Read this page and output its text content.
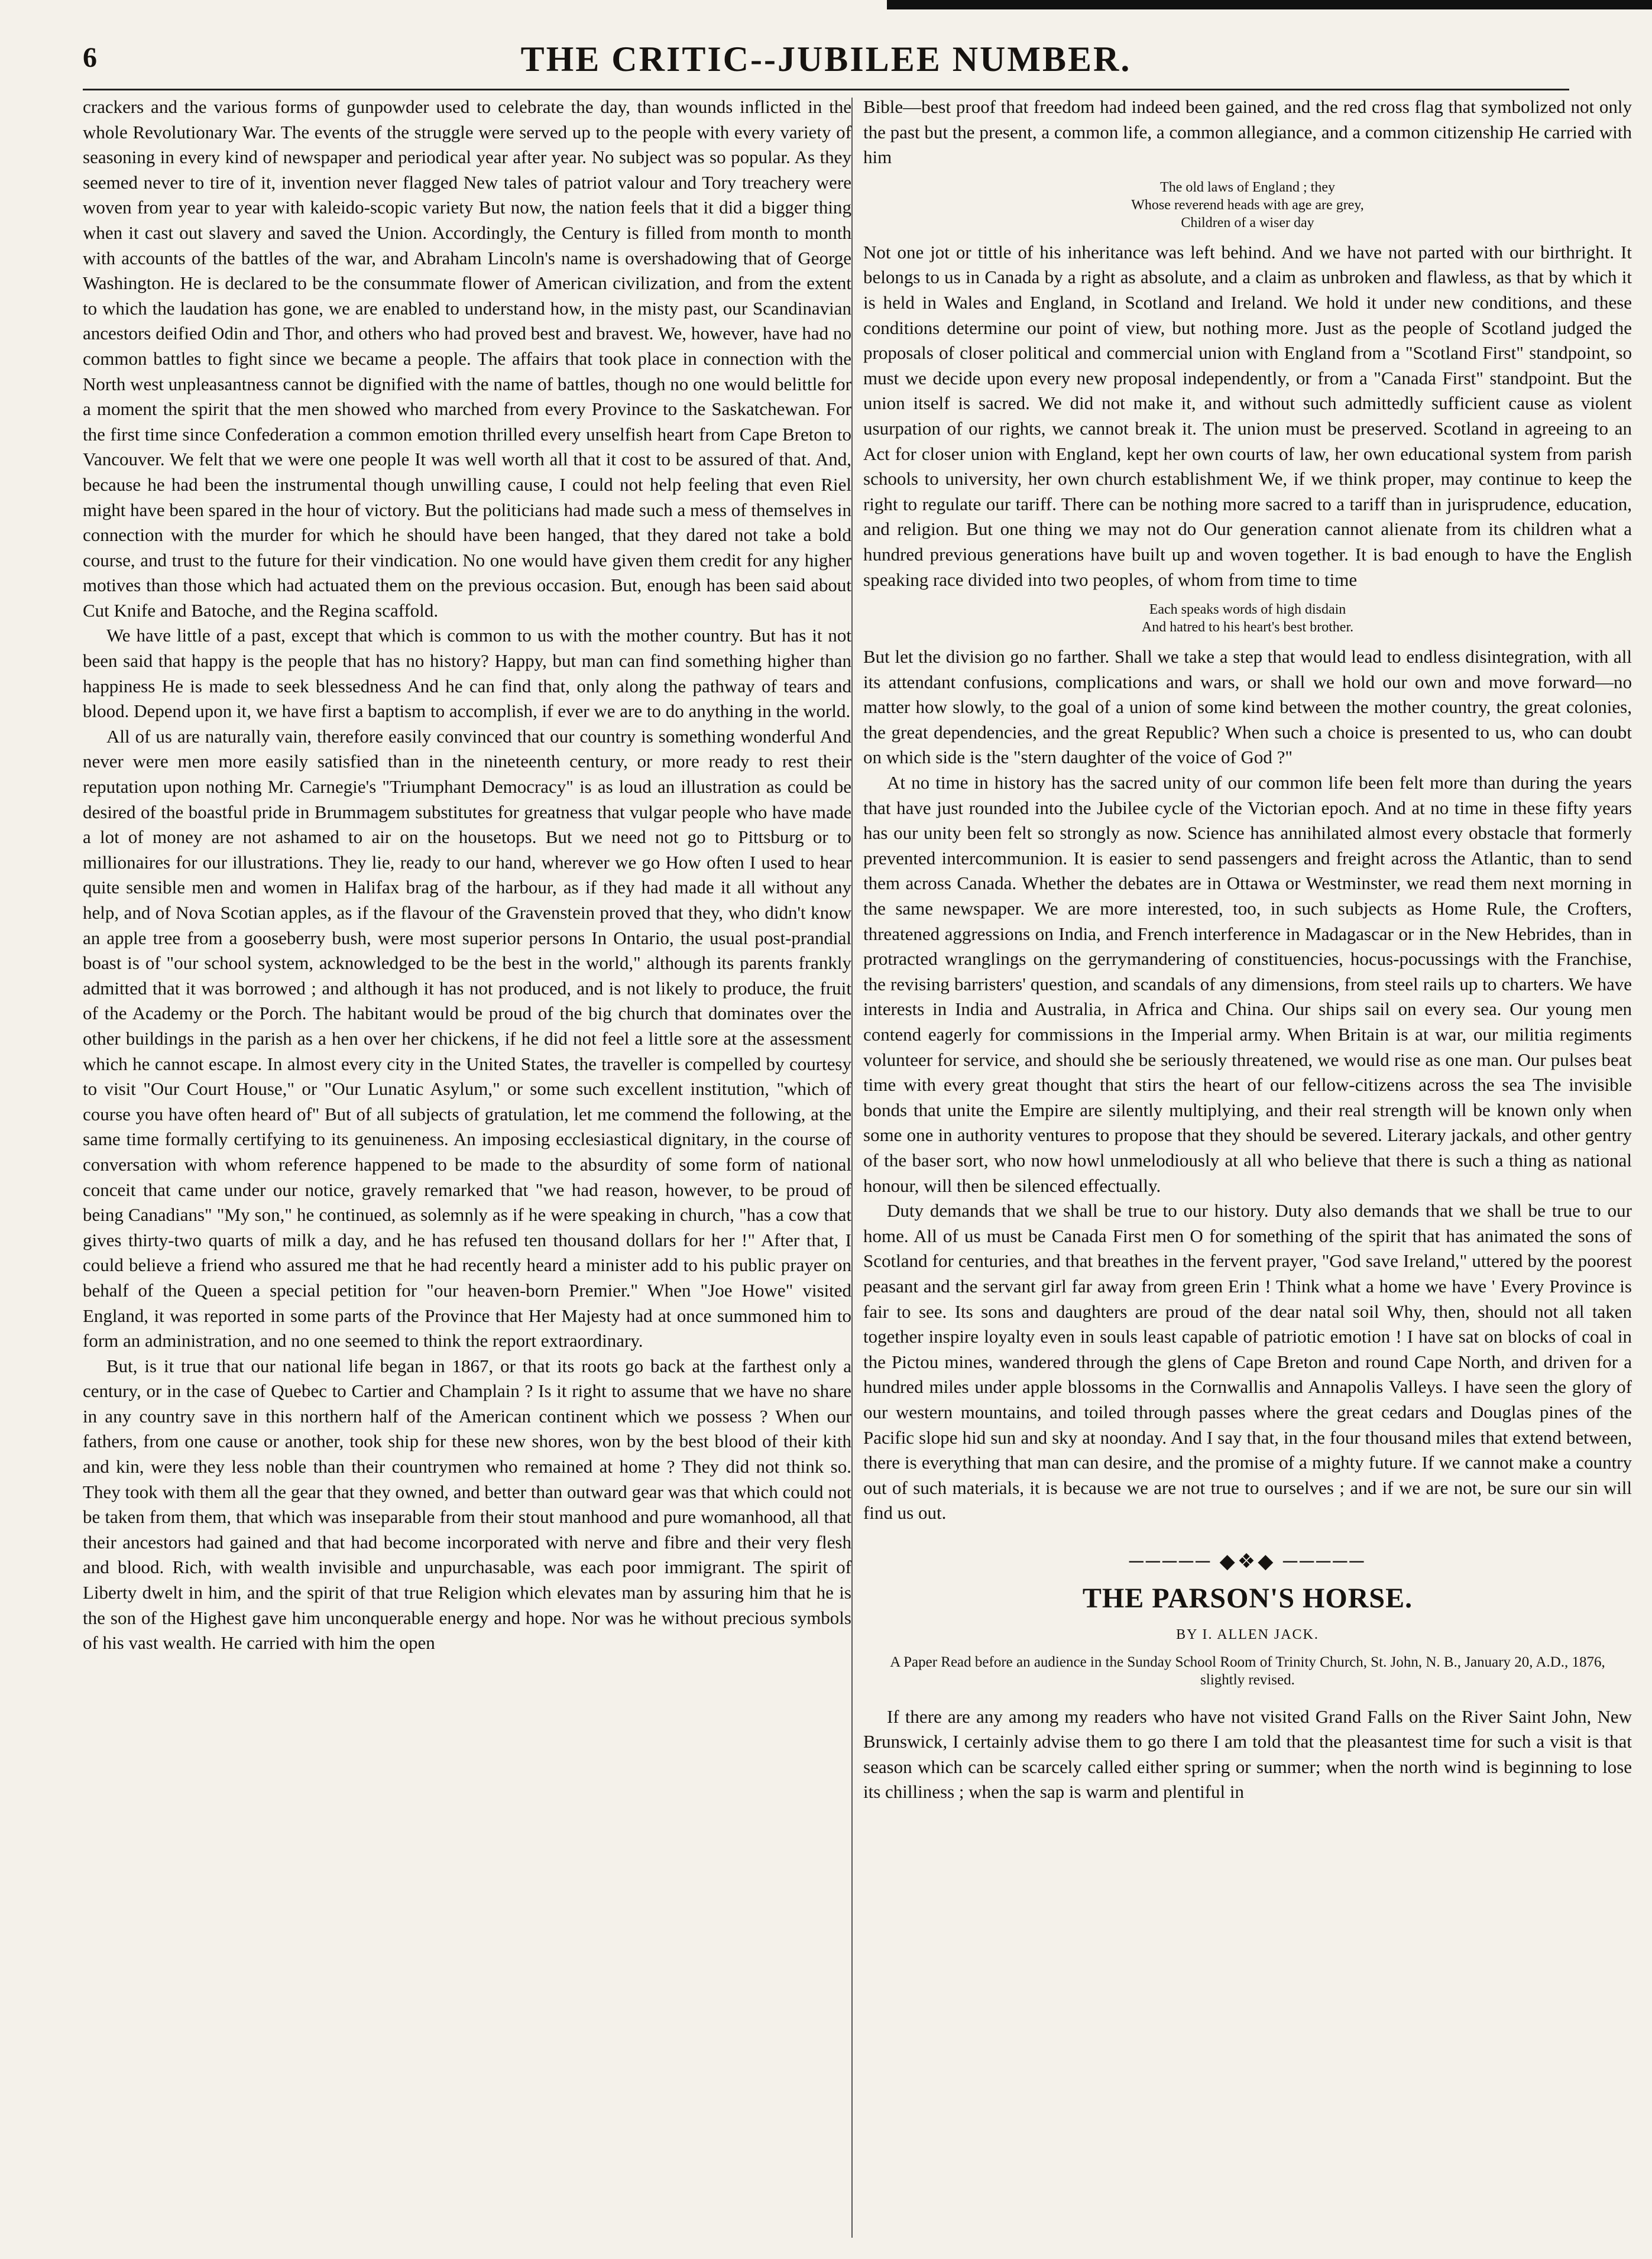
6	THE CRITIC--JUBILEE NUMBER.

crackers and the various forms of gunpowder used to celebrate the day, than wounds inflicted in the whole Revolutionary War. The events of the struggle were served up to the people with every variety of seasoning in every kind of newspaper and periodical year after year. No subject was so popular. As they seemed never to tire of it, invention never flagged New tales of patriot valour and Tory treachery were woven from year to year with kaleido-scopic variety But now, the nation feels that it did a bigger thing when it cast out slavery and saved the Union. Accordingly, the Century is filled from month to month with accounts of the battles of the war, and Abraham Lincoln's name is overshadowing that of George Washington. He is declared to be the consummate flower of American civilization, and from the extent to which the laudation has gone, we are enabled to understand how, in the misty past, our Scandinavian ancestors deified Odin and Thor, and others who had proved best and bravest. We, however, have had no common battles to fight since we became a people. The affairs that took place in connection with the North west unpleasantness cannot be dignified with the name of battles, though no one would belittle for a moment the spirit that the men showed who marched from every Province to the Saskatchewan. For the first time since Confederation a common emotion thrilled every unselfish heart from Cape Breton to Vancouver. We felt that we were one people It was well worth all that it cost to be assured of that. And, because he had been the instrumental though unwilling cause, I could not help feeling that even Riel might have been spared in the hour of victory. But the politicians had made such a mess of themselves in connection with the murder for which he should have been hanged, that they dared not take a bold course, and trust to the future for their vindication. No one would have given them credit for any higher motives than those which had actuated them on the previous occasion. But, enough has been said about Cut Knife and Batoche, and the Regina scaffold.

We have little of a past, except that which is common to us with the mother country. But has it not been said that happy is the people that has no history? Happy, but man can find something higher than happiness He is made to seek blessedness And he can find that, only along the pathway of tears and blood. Depend upon it, we have first a baptism to accomplish, if ever we are to do anything in the world.

All of us are naturally vain, therefore easily convinced that our country is something wonderful And never were men more easily satisfied than in the nineteenth century, or more ready to rest their reputation upon nothing Mr. Carnegie's "Triumphant Democracy" is as loud an illustration as could be desired of the boastful pride in Brummagem substitutes for greatness that vulgar people who have made a lot of money are not ashamed to air on the housetops. But we need not go to Pittsburg or to millionaires for our illustrations. They lie, ready to our hand, wherever we go How often I used to hear quite sensible men and women in Halifax brag of the harbour, as if they had made it all without any help, and of Nova Scotian apples, as if the flavour of the Gravenstein proved that they, who didn't know an apple tree from a gooseberry bush, were most superior persons In Ontario, the usual post-prandial boast is of "our school system, acknowledged to be the best in the world," although its parents frankly admitted that it was borrowed ; and although it has not produced, and is not likely to produce, the fruit of the Academy or the Porch. The habitant would be proud of the big church that dominates over the other buildings in the parish as a hen over her chickens, if he did not feel a little sore at the assessment which he cannot escape. In almost every city in the United States, the traveller is compelled by courtesy to visit "Our Court House," or "Our Lunatic Asylum," or some such excellent institution, "which of course you have often heard of" But of all subjects of gratulation, let me commend the following, at the same time formally certifying to its genuineness. An imposing ecclesiastical dignitary, in the course of conversation with whom reference happened to be made to the absurdity of some form of national conceit that came under our notice, gravely remarked that "we had reason, however, to be proud of being Canadians" "My son," he continued, as solemnly as if he were speaking in church, "has a cow that gives thirty-two quarts of milk a day, and he has refused ten thousand dollars for her !" After that, I could believe a friend who assured me that he had recently heard a minister add to his public prayer on behalf of the Queen a special petition for "our heaven-born Premier." When "Joe Howe" visited England, it was reported in some parts of the Province that Her Majesty had at once summoned him to form an administration, and no one seemed to think the report extraordinary.

But, is it true that our national life began in 1867, or that its roots go back at the farthest only a century, or in the case of Quebec to Cartier and Champlain ? Is it right to assume that we have no share in any country save in this northern half of the American continent which we possess ? When our fathers, from one cause or another, took ship for these new shores, won by the best blood of their kith and kin, were they less noble than their countrymen who remained at home ? They did not think so. They took with them all the gear that they owned, and better than outward gear was that which could not be taken from them, that which was inseparable from their stout manhood and pure womanhood, all that their ancestors had gained and that had become incorporated with nerve and fibre and their very flesh and blood. Rich, with wealth invisible and unpurchasable, was each poor immigrant. The spirit of Liberty dwelt in him, and the spirit of that true Religion which elevates man by assuring him that he is the son of the Highest gave him unconquerable energy and hope. Nor was he without precious symbols of his vast wealth. He carried with him the open

Bible—best proof that freedom had indeed been gained, and the red cross flag that symbolized not only the past but the present, a common life, a common allegiance, and a common citizenship He carried with him

The old laws of England ; they
Whose reverend heads with age are grey,
Children of a wiser day

Not one jot or tittle of his inheritance was left behind. And we have not parted with our birthright. It belongs to us in Canada by a right as absolute, and a claim as unbroken and flawless, as that by which it is held in Wales and England, in Scotland and Ireland. We hold it under new conditions, and these conditions determine our point of view, but nothing more. Just as the people of Scotland judged the proposals of closer political and commercial union with England from a "Scotland First" standpoint, so must we decide upon every new proposal independently, or from a "Canada First" standpoint. But the union itself is sacred. We did not make it, and without such admittedly sufficient cause as violent usurpation of our rights, we cannot break it. The union must be preserved. Scotland in agreeing to an Act for closer union with England, kept her own courts of law, her own educational system from parish schools to university, her own church establishment We, if we think proper, may continue to keep the right to regulate our tariff. There can be nothing more sacred to a tariff than in jurisprudence, education, and religion. But one thing we may not do Our generation cannot alienate from its children what a hundred previous generations have built up and woven together. It is bad enough to have the English speaking race divided into two peoples, of whom from time to time

Each speaks words of high disdain
And hatred to his heart's best brother.

But let the division go no farther. Shall we take a step that would lead to endless disintegration, with all its attendant confusions, complications and wars, or shall we hold our own and move forward—no matter how slowly, to the goal of a union of some kind between the mother country, the great colonies, the great dependencies, and the great Republic? When such a choice is presented to us, who can doubt on which side is the "stern daughter of the voice of God ?"

At no time in history has the sacred unity of our common life been felt more than during the years that have just rounded into the Jubilee cycle of the Victorian epoch. And at no time in these fifty years has our unity been felt so strongly as now. Science has annihilated almost every obstacle that formerly prevented intercommunion. It is easier to send passengers and freight across the Atlantic, than to send them across Canada. Whether the debates are in Ottawa or Westminster, we read them next morning in the same newspaper. We are more interested, too, in such subjects as Home Rule, the Crofters, threatened aggressions on India, and French interference in Madagascar or in the New Hebrides, than in protracted wranglings on the gerrymandering of constituencies, hocus-pocussings with the Franchise, the revising barristers' question, and scandals of any dimensions, from steel rails up to charters. We have interests in India and Australia, in Africa and China. Our ships sail on every sea. Our young men contend eagerly for commissions in the Imperial army. When Britain is at war, our militia regiments volunteer for service, and should she be seriously threatened, we would rise as one man. Our pulses beat time with every great thought that stirs the heart of our fellow-citizens across the sea The invisible bonds that unite the Empire are silently multiplying, and their real strength will be known only when some one in authority ventures to propose that they should be severed. Literary jackals, and other gentry of the baser sort, who now howl unmelodiously at all who believe that there is such a thing as national honour, will then be silenced effectually.

Duty demands that we shall be true to our history. Duty also demands that we shall be true to our home. All of us must be Canada First men O for something of the spirit that has animated the sons of Scotland for centuries, and that breathes in the fervent prayer, "God save Ireland," uttered by the poorest peasant and the servant girl far away from green Erin ! Think what a home we have ' Every Province is fair to see. Its sons and daughters are proud of the dear natal soil Why, then, should not all taken together inspire loyalty even in souls least capable of patriotic emotion ! I have sat on blocks of coal in the Pictou mines, wandered through the glens of Cape Breton and round Cape North, and driven for a hundred miles under apple blossoms in the Cornwallis and Annapolis Valleys. I have seen the glory of our western mountains, and toiled through passes where the great cedars and Douglas pines of the Pacific slope hid sun and sky at noonday. And I say that, in the four thousand miles that extend between, there is everything that man can desire, and the promise of a mighty future. If we cannot make a country out of such materials, it is because we are not true to ourselves ; and if we are not, be sure our sin will find us out.

───── ◆❖◆ ─────
THE PARSON'S HORSE.
BY I. ALLEN JACK.
A Paper Read before an audience in the Sunday School Room of Trinity Church, St. John, N. B., January 20, A.D., 1876, slightly revised.

If there are any among my readers who have not visited Grand Falls on the River Saint John, New Brunswick, I certainly advise them to go there I am told that the pleasantest time for such a visit is that season which can be scarcely called either spring or summer; when the north wind is beginning to lose its chilliness ; when the sap is warm and plentiful in
